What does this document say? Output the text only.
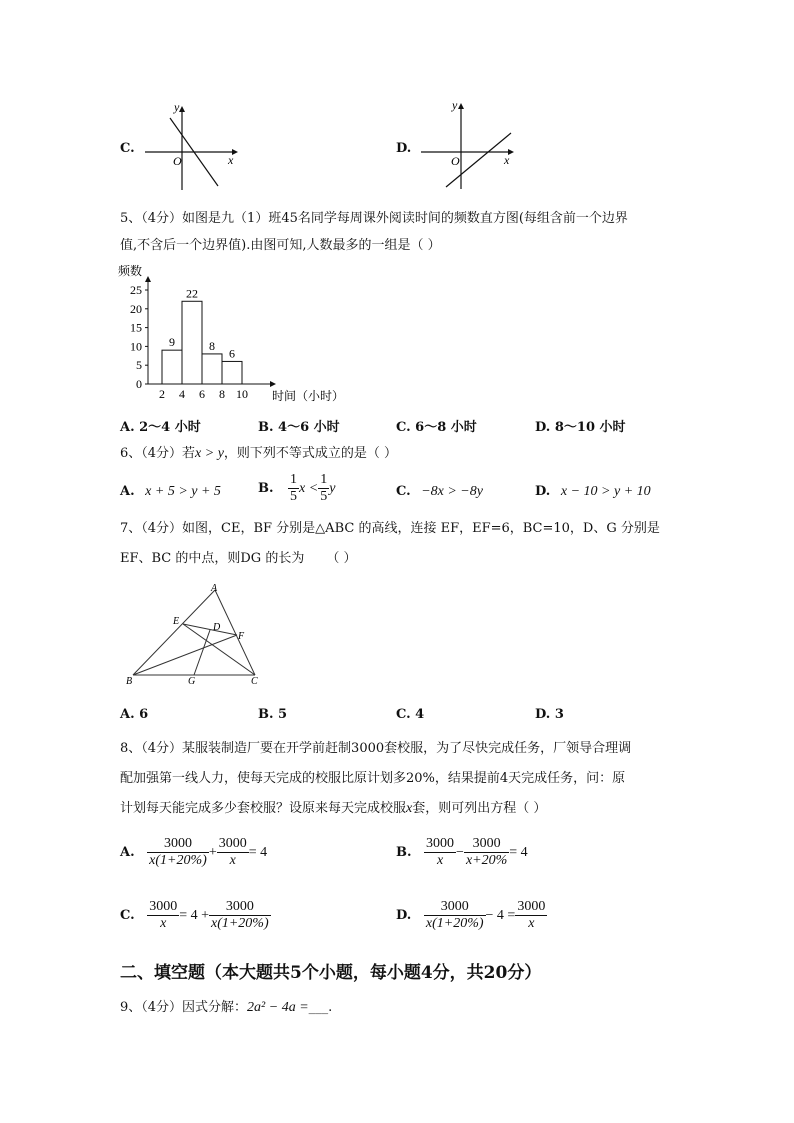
C.
y
x
O
D.
y
x
O
5、（4分）如图是九（1）班45名同学每周课外阅读时间的频数直方图(每组含前一个边界
值,不含后一个边界值).由图可知,人数最多的一组是（ ）
频数
时间（小时）
0
5
10
15
20
25
2 4 6 8 10
9
22
8
6
A. 2～4 小时	B. 4～6 小时	C. 6～8 小时	D. 8～10 小时
6、（4分）若x > y，则下列不等式成立的是（ ）
A. x + 5 > y + 5	B. $\frac{1}{5}$ $x < \frac{1}{5}$ y	C. −8x > −8y	D. x − 10 > y + 10
7、（4分）如图，CE，BF 分别是△ABC 的高线，连接 EF，EF=6，BC=10，D、G 分别是
EF、BC 的中点，则DG 的长为 （ ）
A
B	C
D
E
F
G
A. 6	B. 5	C. 4	D. 3
8、（4分）某服装制造厂要在开学前赶制3000套校服，为了尽快完成任务，厂领导合理调
配加强第一线人力，使每天完成的校服比原计划多20%，结果提前4天完成任务，问：原
计划每天能完成多少套校服？设原来每天完成校服x套，则可列出方程（ ）
A. $\frac{3000}{x(1+20\%)} + \frac{3000}{x} = 4$	B. $\frac{3000}{x} - \frac{3000}{x+20\%} = 4$
C. $\frac{3000}{x} = 4 + \frac{3000}{x(1+20\%)}$	D. $\frac{3000}{x(1+20\%)} - 4 = \frac{3000}{x}$
二、填空题（本大题共5个小题，每小题4分，共20分）
9、（4分）因式分解：2a² − 4a =___.
